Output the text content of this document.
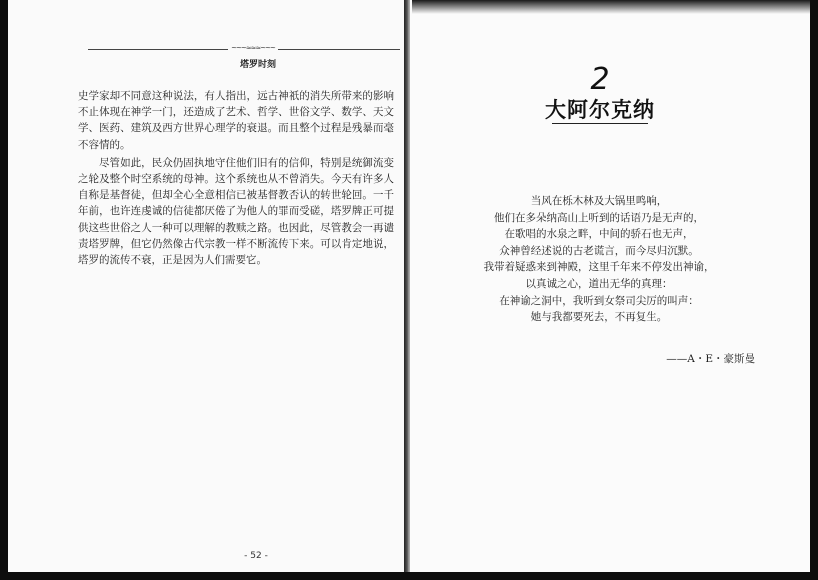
~~~≈≈≈~~~
塔罗时刻

史学家却不同意这种说法，有人指出，远古神祇的消失所带来的影响不止体现在神学一门，还造成了艺术、哲学、世俗文学、数学、天文学、医药、建筑及西方世界心理学的衰退。而且整个过程是残暴而毫不容情的。

尽管如此，民众仍固执地守住他们旧有的信仰，特别是统御流变之轮及整个时空系统的母神。这个系统也从不曾消失。今天有许多人自称是基督徒，但却全心全意相信已被基督教否认的转世轮回。一千年前，也许连虔诚的信徒都厌倦了为他人的罪而受磋，塔罗牌正可提供这些世俗之人一种可以理解的教赎之路。也因此，尽管教会一再谴责塔罗牌，但它仍然像古代宗教一样不断流传下来。可以肯定地说，塔罗的流传不衰，正是因为人们需要它。

- 52 -
2
大阿尔克纳
当风在栎木林及大锅里鸣响，
他们在多朵纳高山上听到的话语乃是无声的，
在歌唱的水泉之畔，中间的骄石也无声，
众神曾经述说的古老谎言，而今尽归沉默。
我带着疑惑来到神殿，这里千年来不停发出神谕，
以真诚之心，道出无华的真理：
在神谕之洞中，我听到女祭司尖厉的叫声：
她与我都要死去，不再复生。
——A・E・豪斯曼
